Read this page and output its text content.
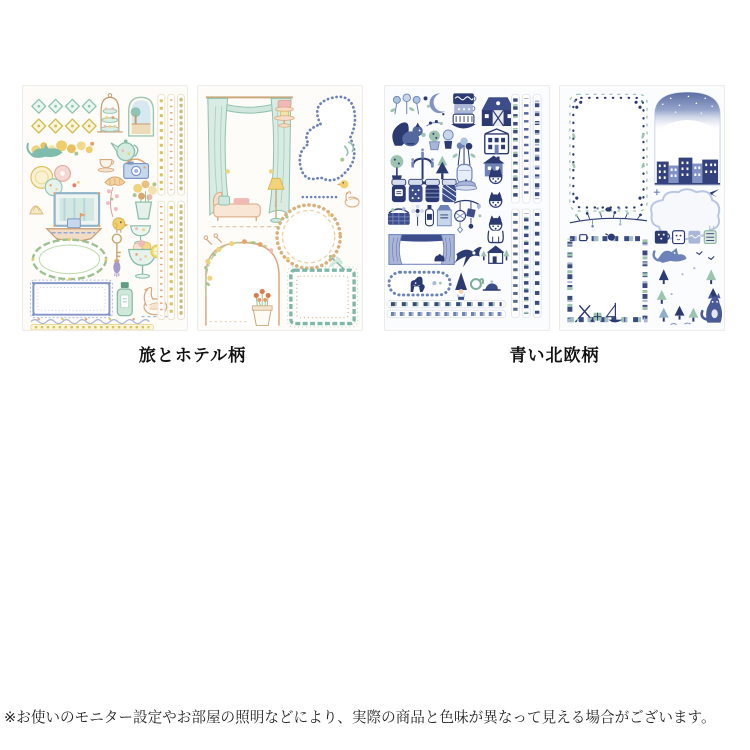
旅とホテル柄	青い北欧柄

※お使いのモニター設定やお部屋の照明などにより、実際の商品と色味が異なって見える場合がございます。
